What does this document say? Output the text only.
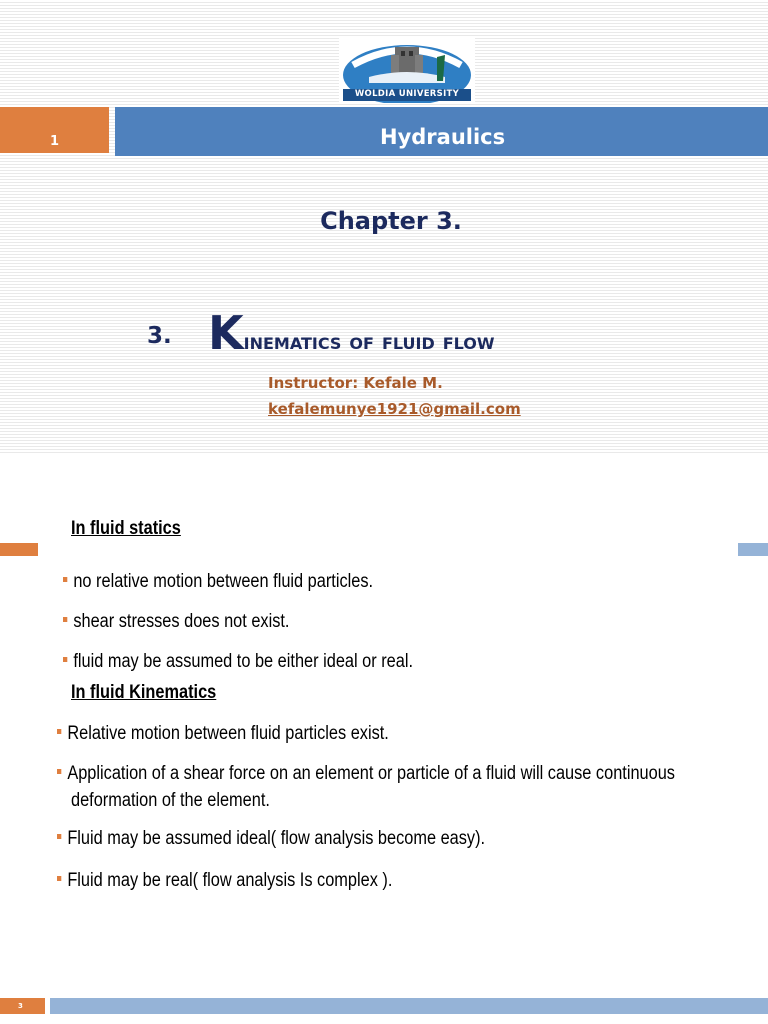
WOLDIA UNIVERSITY
1	Hydraulics
Chapter 3.
3. Kinematics of fluid flow
Instructor: Kefale M.
kefalemunye1921@gmail.com
In fluid statics
no relative motion between fluid particles.
shear stresses does not exist.
fluid may be assumed to be either ideal or real.
In fluid Kinematics
Relative motion between fluid particles exist.
Application of a shear force on an element or particle of a fluid will cause continuous
deformation of the element.
Fluid may be assumed ideal( flow analysis become easy).
Fluid may be real( flow analysis Is complex ).
3
